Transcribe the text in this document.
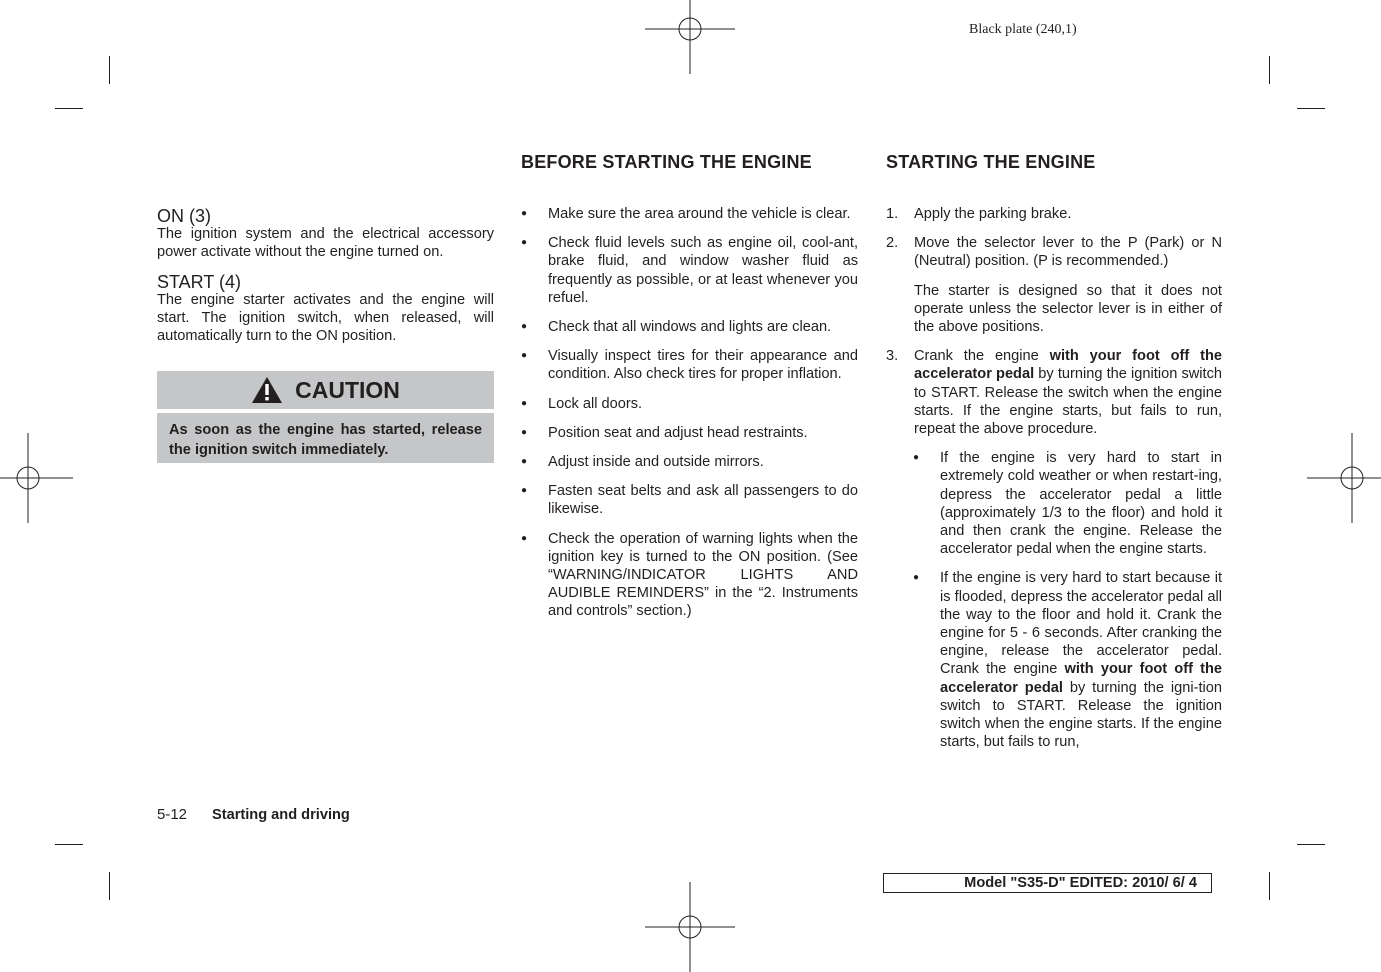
Black plate (240,1)
BEFORE STARTING THE ENGINE	STARTING THE ENGINE

ON (3)

The ignition system and the electrical accessory power activate without the engine turned on.

START (4)

The engine starter activates and the engine will start. The ignition switch, when released, will automatically turn to the ON position.

CAUTION
As soon as the engine has started, release the ignition switch immediately.
● Make sure the area around the vehicle is clear.
● Check fluid levels such as engine oil, cool-ant, brake fluid, and window washer fluid as frequently as possible, or at least whenever you refuel.
● Check that all windows and lights are clean.
● Visually inspect tires for their appearance and condition. Also check tires for proper inflation.
● Lock all doors.
● Position seat and adjust head restraints.
● Adjust inside and outside mirrors.
● Fasten seat belts and ask all passengers to do likewise.
● Check the operation of warning lights when the ignition key is turned to the ON position. (See “WARNING/INDICATOR LIGHTS AND AUDIBLE REMINDERS” in the “2. Instruments and controls” section.)
1. Apply the parking brake.
2. Move the selector lever to the P (Park) or N (Neutral) position. (P is recommended.)
The starter is designed so that it does not operate unless the selector lever is in either of the above positions.
3. Crank the engine with your foot off the accelerator pedal by turning the ignition switch to START. Release the switch when the engine starts. If the engine starts, but fails to run, repeat the above procedure.
● If the engine is very hard to start in extremely cold weather or when restart-ing, depress the accelerator pedal a little (approximately 1/3 to the floor) and hold it and then crank the engine. Release the accelerator pedal when the engine starts.
● If the engine is very hard to start because it is flooded, depress the accelerator pedal all the way to the floor and hold it. Crank the engine for 5 - 6 seconds. After cranking the engine, release the accelerator pedal. Crank the engine with your foot off the accelerator pedal by turning the igni-tion switch to START. Release the ignition switch when the engine starts. If the engine starts, but fails to run,
5-12 Starting and driving
Model "S35-D" EDITED: 2010/ 6/ 4
